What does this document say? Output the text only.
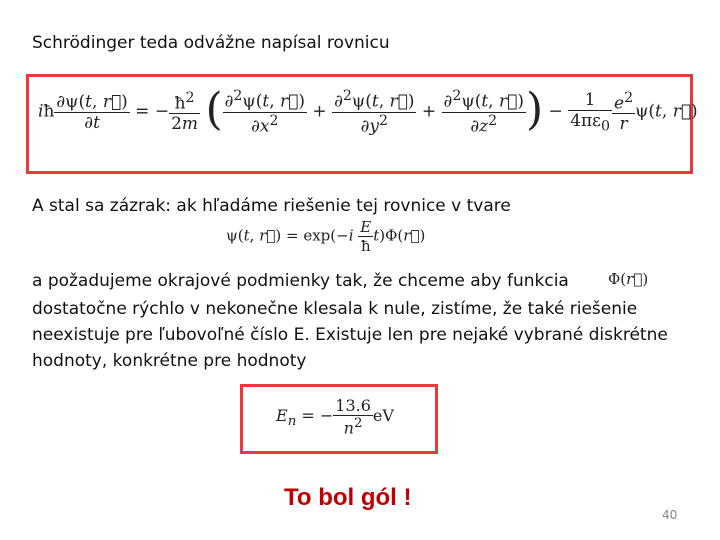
Schrödinger teda odvážne napísal rovnicu
iħ $\frac{\partial\psi(t, r⃗)}{\partial t}$ = − $\frac{ħ^2}{2m}$ ( $\frac{\partial^2\psi(t, r⃗)}{\partial x^2} + \frac{\partial^2\psi(t, r⃗)}{\partial y^2} + \frac{\partial^2\psi(t, r⃗)}{\partial z^2}$ ) − $\frac{1}{4\pi\varepsilon_0} \frac{e^2}{r} \psi(t$, r⃗)
A stal sa zázrak: ak hľadáme riešenie tej rovnice v tvare
ψ(t, r⃗) = $\exp(-i \frac{E}{ħ}$ t)Φ(r⃗)
a požadujeme okrajové podmienky tak, že chceme aby funkcia	Φ(r⃗)
dostatočne rýchlo v nekonečne klesala k nule, zistíme, že také riešenie
neexistuje pre ľubovoľné číslo E. Existuje len pre nejaké vybrané diskrétne
hodnoty, konkrétne pre hodnoty
$E_n$ = − $\frac{13.6}{n^2}$ eV
To bol gól !
40
